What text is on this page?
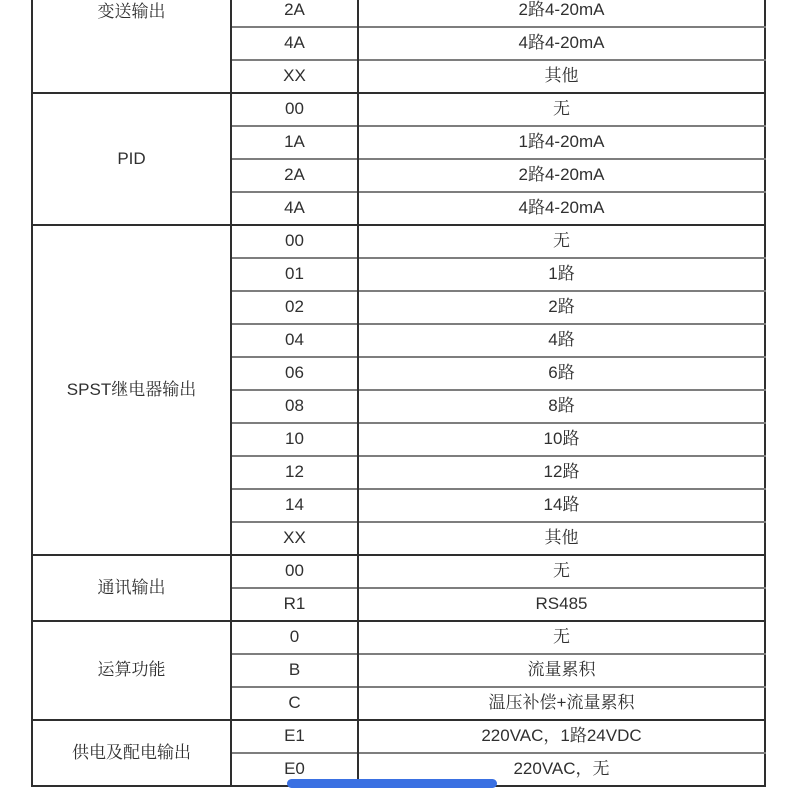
变送输出	2A	2路4-20mA
	4A	4路4-20mA
	XX	其他
PID	00	无
	1A	1路4-20mA
	2A	2路4-20mA
	4A	4路4-20mA
SPST继电器输出	00	无
	01	1路
	02	2路
	04	4路
	06	6路
	08	8路
	10	10路
	12	12路
	14	14路
	XX	其他
通讯输出	00	无
	R1	RS485
运算功能	0	无
	B	流量累积
	C	温压补偿+流量累积
供电及配电输出	E1	220VAC，1路24VDC
	E0	220VAC，无
